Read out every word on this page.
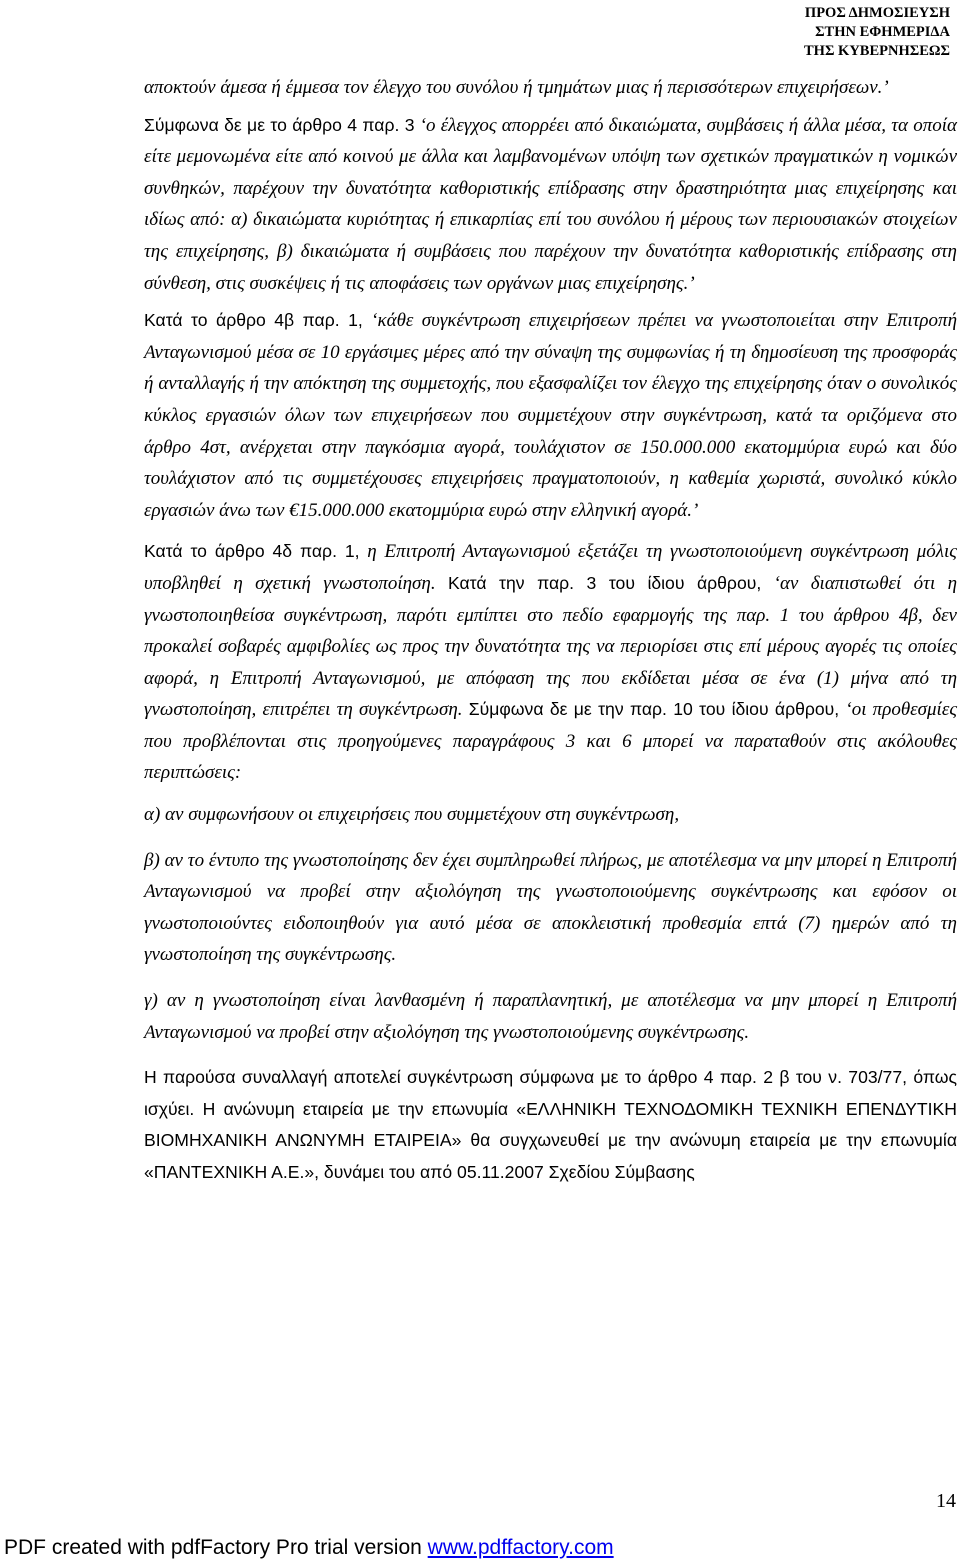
ΠΡΟΣ ΔΗΜΟΣΙΕΥΣΗ
ΣΤΗΝ ΕΦΗΜΕΡΙΔΑ
ΤΗΣ ΚΥΒΕΡΝΗΣΕΩΣ

αποκτούν άμεσα ή έμμεσα τον έλεγχο του συνόλου ή τμημάτων μιας ή περισσότερων επιχειρήσεων.’

Σύμφωνα δε με το άρθρο 4 παρ. 3 ‘ο έλεγχος απορρέει από δικαιώματα, συμβάσεις ή άλλα μέσα, τα οποία είτε μεμονωμένα είτε από κοινού με άλλα και λαμβανομένων υπόψη των σχετικών πραγματικών η νομικών συνθηκών, παρέχουν την δυνατότητα καθοριστικής επίδρασης στην δραστηριότητα μιας επιχείρησης και ιδίως από: α) δικαιώματα κυριότητας ή επικαρπίας επί του συνόλου ή μέρους των περιουσιακών στοιχείων της επιχείρησης, β) δικαιώματα ή συμβάσεις που παρέχουν την δυνατότητα καθοριστικής επίδρασης στη σύνθεση, στις συσκέψεις ή τις αποφάσεις των οργάνων μιας επιχείρησης.’

Κατά το άρθρο 4β παρ. 1, ‘κάθε συγκέντρωση επιχειρήσεων πρέπει να γνωστοποιείται στην Επιτροπή Ανταγωνισμού μέσα σε 10 εργάσιμες μέρες από την σύναψη της συμφωνίας ή τη δημοσίευση της προσφοράς ή ανταλλαγής ή την απόκτηση της συμμετοχής, που εξασφαλίζει τον έλεγχο της επιχείρησης όταν ο συνολικός κύκλος εργασιών όλων των επιχειρήσεων που συμμετέχουν στην συγκέντρωση, κατά τα οριζόμενα στο άρθρο 4στ, ανέρχεται στην παγκόσμια αγορά, τουλάχιστον σε 150.000.000 εκατομμύρια ευρώ και δύο τουλάχιστον από τις συμμετέχουσες επιχειρήσεις πραγματοποιούν, η καθεμία χωριστά, συνολικό κύκλο εργασιών άνω των €15.000.000 εκατομμύρια ευρώ στην ελληνική αγορά.’

Κατά το άρθρο 4δ παρ. 1, η Επιτροπή Ανταγωνισμού εξετάζει τη γνωστοποιούμενη συγκέντρωση μόλις υποβληθεί η σχετική γνωστοποίηση. Κατά την παρ. 3 του ίδιου άρθρου, ‘αν διαπιστωθεί ότι η γνωστοποιηθείσα συγκέντρωση, παρότι εμπίπτει στο πεδίο εφαρμογής της παρ. 1 του άρθρου 4β, δεν προκαλεί σοβαρές αμφιβολίες ως προς την δυνατότητα της να περιορίσει στις επί μέρους αγορές τις οποίες αφορά, η Επιτροπή Ανταγωνισμού, με απόφαση της που εκδίδεται μέσα σε ένα (1) μήνα από τη γνωστοποίηση, επιτρέπει τη συγκέντρωση. Σύμφωνα δε με την παρ. 10 του ίδιου άρθρου, ‘οι προθεσμίες που προβλέπονται στις προηγούμενες παραγράφους 3 και 6 μπορεί να παραταθούν στις ακόλουθες περιπτώσεις:

α) αν συμφωνήσουν οι επιχειρήσεις που συμμετέχουν στη συγκέντρωση,

β) αν το έντυπο της γνωστοποίησης δεν έχει συμπληρωθεί πλήρως, με αποτέλεσμα να μην μπορεί η Επιτροπή Ανταγωνισμού να προβεί στην αξιολόγηση της γνωστοποιούμενης συγκέντρωσης και εφόσον οι γνωστοποιούντες ειδοποιηθούν για αυτό μέσα σε αποκλειστική προθεσμία επτά (7) ημερών από τη γνωστοποίηση της συγκέντρωσης.

γ) αν η γνωστοποίηση είναι λανθασμένη ή παραπλανητική, με αποτέλεσμα να μην μπορεί η Επιτροπή Ανταγωνισμού να προβεί στην αξιολόγηση της γνωστοποιούμενης συγκέντρωσης.

Η παρούσα συναλλαγή αποτελεί συγκέντρωση σύμφωνα με το άρθρο 4 παρ. 2 β του ν. 703/77, όπως ισχύει. Η ανώνυμη εταιρεία με την επωνυμία «ΕΛΛΗΝΙΚΗ ΤΕΧΝΟΔΟΜΙΚΗ ΤΕΧΝΙΚΗ ΕΠΕΝΔΥΤΙΚΗ ΒΙΟΜΗΧΑΝΙΚΗ ΑΝΩΝΥΜΗ ΕΤΑΙΡΕΙΑ» θα συγχωνευθεί με την ανώνυμη εταιρεία με την επωνυμία «ΠΑΝΤΕΧΝΙΚΗ Α.Ε.», δυνάμει του από 05.11.2007 Σχεδίου Σύμβασης

14
PDF created with pdfFactory Pro trial version www.pdffactory.com
